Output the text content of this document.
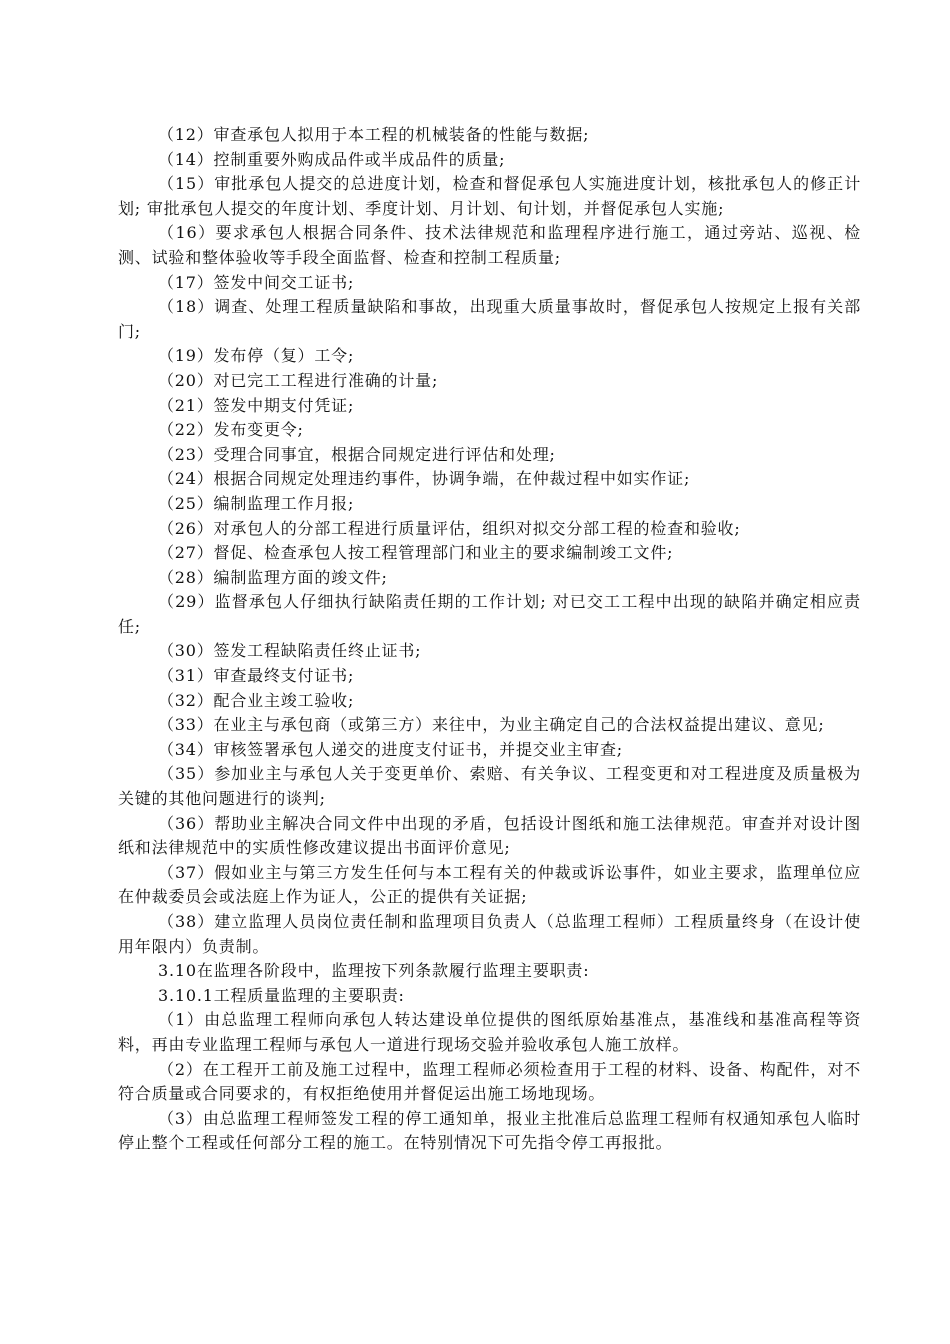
（12）审查承包人拟用于本工程的机械装备的性能与数据;

（14）控制重要外购成品件或半成品件的质量;

（15）审批承包人提交的总进度计划，检查和督促承包人实施进度计划，核批承包人的修正计划; 审批承包人提交的年度计划、季度计划、月计划、旬计划，并督促承包人实施;

（16）要求承包人根据合同条件、技术法律规范和监理程序进行施工，通过旁站、巡视、检测、试验和整体验收等手段全面监督、检查和控制工程质量;

（17）签发中间交工证书;

（18）调查、处理工程质量缺陷和事故，出现重大质量事故时，督促承包人按规定上报有关部门;

（19）发布停（复）工令;

（20）对已完工工程进行准确的计量;

（21）签发中期支付凭证;

（22）发布变更令;

（23）受理合同事宜，根据合同规定进行评估和处理;

（24）根据合同规定处理违约事件，协调争端，在仲裁过程中如实作证;

（25）编制监理工作月报;

（26）对承包人的分部工程进行质量评估，组织对拟交分部工程的检查和验收;

（27）督促、检查承包人按工程管理部门和业主的要求编制竣工文件;

（28）编制监理方面的竣文件;

（29）监督承包人仔细执行缺陷责任期的工作计划; 对已交工工程中出现的缺陷并确定相应责任;

（30）签发工程缺陷责任终止证书;

（31）审查最终支付证书;

（32）配合业主竣工验收;

（33）在业主与承包商（或第三方）来往中，为业主确定自己的合法权益提出建议、意见;

（34）审核签署承包人递交的进度支付证书，并提交业主审查;

（35）参加业主与承包人关于变更单价、索赔、有关争议、工程变更和对工程进度及质量极为关键的其他问题进行的谈判;

（36）帮助业主解决合同文件中出现的矛盾，包括设计图纸和施工法律规范。审查并对设计图纸和法律规范中的实质性修改建议提出书面评价意见;

（37）假如业主与第三方发生任何与本工程有关的仲裁或诉讼事件，如业主要求，监理单位应在仲裁委员会或法庭上作为证人，公正的提供有关证据;

（38）建立监理人员岗位责任制和监理项目负责人（总监理工程师）工程质量终身（在设计使用年限内）负责制。

3.10在监理各阶段中，监理按下列条款履行监理主要职责:

3.10.1工程质量监理的主要职责:

（1）由总监理工程师向承包人转达建设单位提供的图纸原始基准点，基准线和基准高程等资料，再由专业监理工程师与承包人一道进行现场交验并验收承包人施工放样。

（2）在工程开工前及施工过程中，监理工程师必须检查用于工程的材料、设备、构配件，对不符合质量或合同要求的，有权拒绝使用并督促运出施工场地现场。

（3）由总监理工程师签发工程的停工通知单，报业主批准后总监理工程师有权通知承包人临时停止整个工程或任何部分工程的施工。在特别情况下可先指令停工再报批。
